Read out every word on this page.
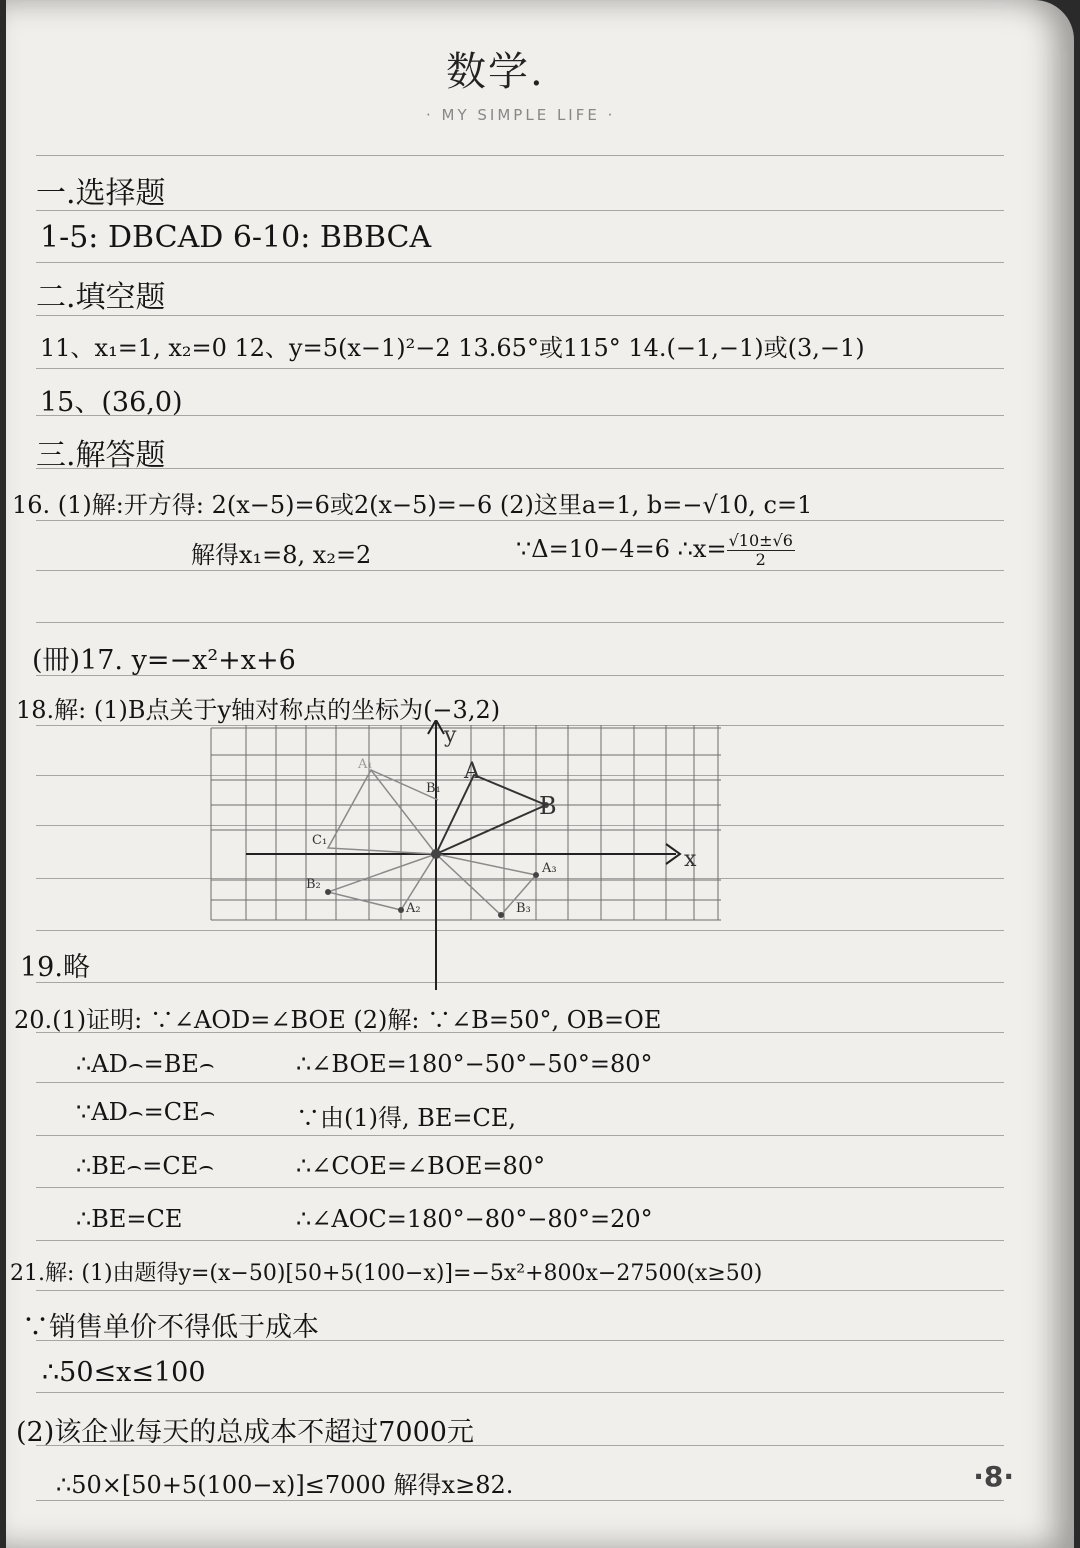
数学.
· MY SIMPLE LIFE ·
一.选择题
1-5: DBCAD 6-10: BBBCA
二.填空题
11、x₁=1, x₂=0 12、y=5(x−1)²−2 13.65°或115° 14.(−1,−1)或(3,−1)
15、(36,0)
三.解答题
16. (1)解:开方得: 2(x−5)=6或2(x−5)=−6 (2)这里a=1, b=−√10, c=1
解得x₁=8, x₂=2	∵Δ=10−4=6 ∴x= $\frac{√10\pm√6}{2}$
(冊)17. y=−x²+x+6
18.解: (1)B点关于y轴对称点的坐标为(−3,2)
y
x
A
B
A₁
B₁
C₁
B₂
A₂
A₃
B₃
19.略
20.(1)证明: ∵∠AOD=∠BOE (2)解: ∵∠B=50°, OB=OE
∴AD⌢=BE⌢	∴∠BOE=180°−50°−50°=80°
∵AD⌢=CE⌢	∵由(1)得, BE=CE,
∴BE⌢=CE⌢	∴∠COE=∠BOE=80°
∴BE=CE	∴∠AOC=180°−80°−80°=20°
21.解: (1)由题得y=(x−50)[50+5(100−x)]=−5x²+800x−27500(x≥50)
∵销售单价不得低于成本
∴50≤x≤100
(2)该企业每天的总成本不超过7000元
∴50×[50+5(100−x)]≤7000 解得x≥82.	·8·
